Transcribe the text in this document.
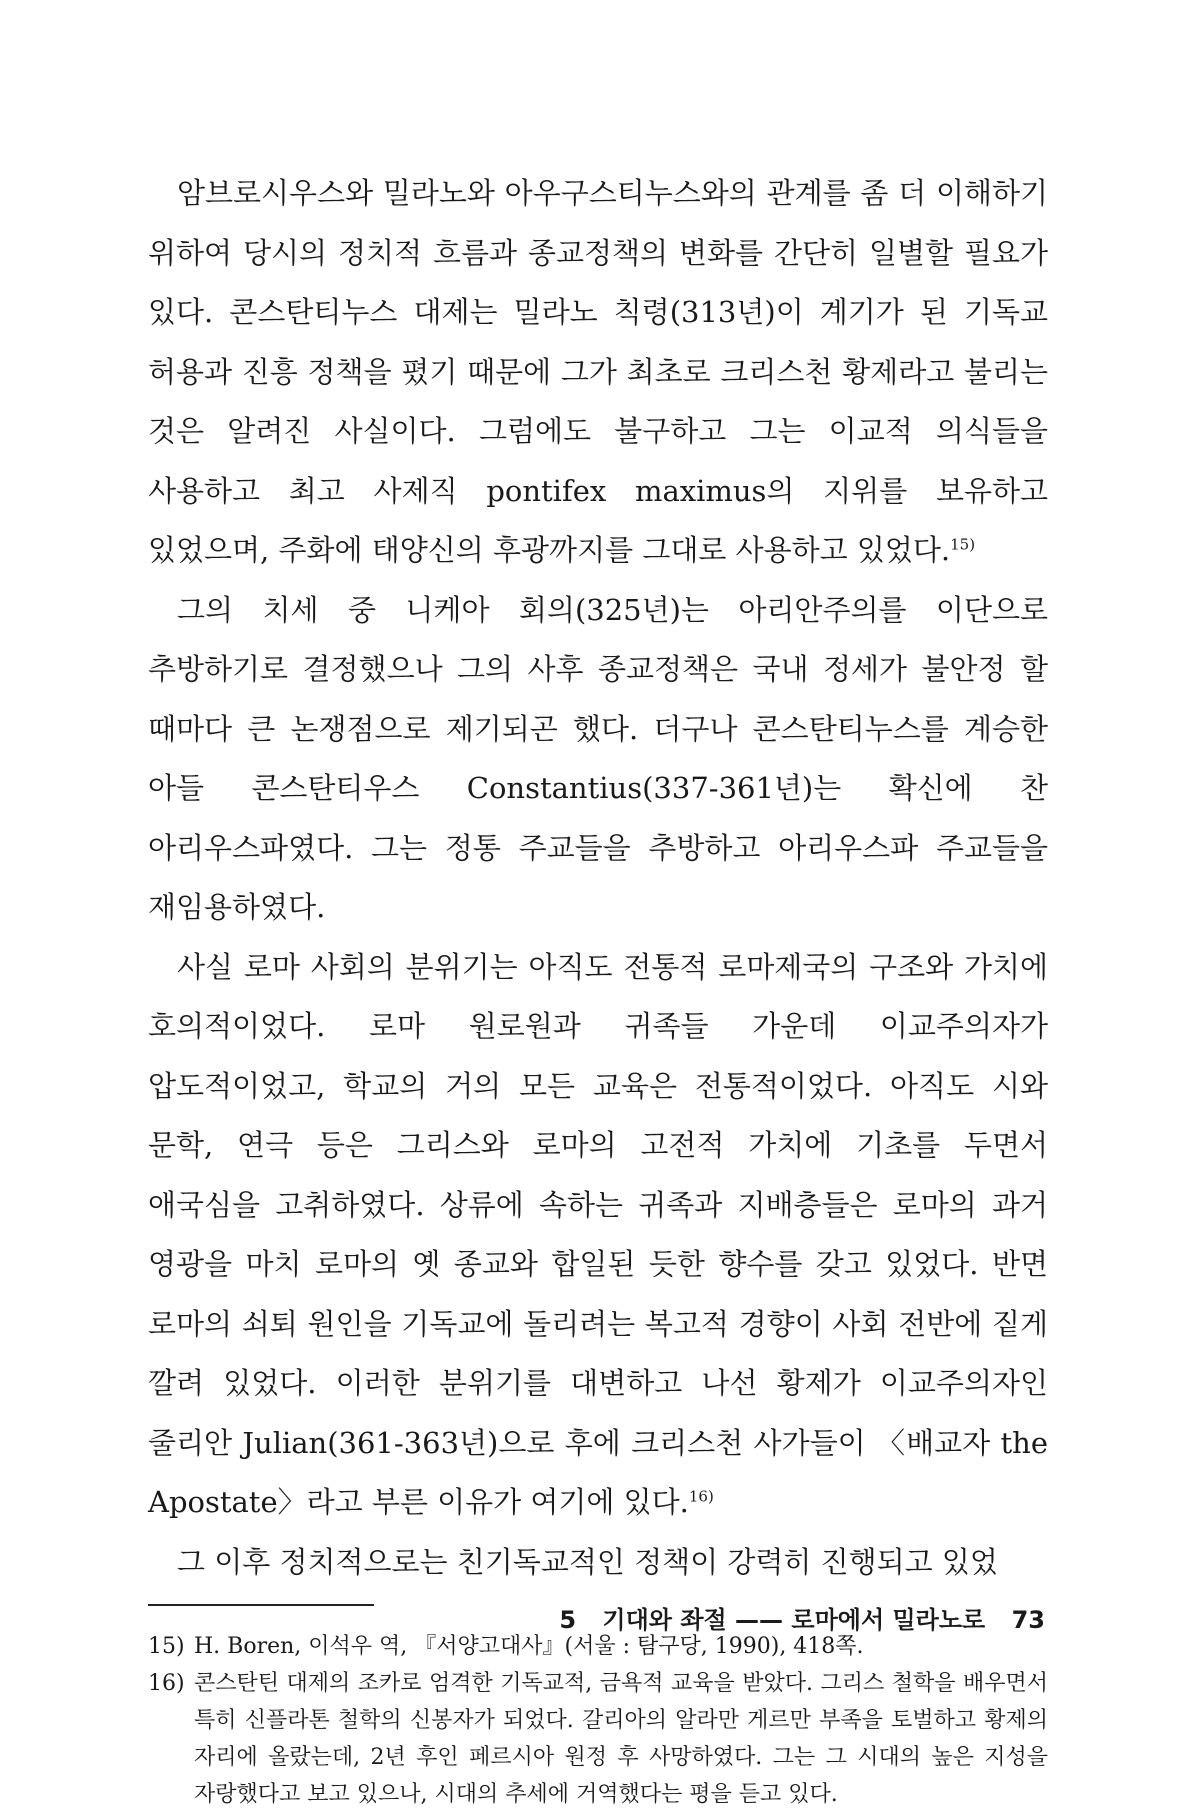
암브로시우스와 밀라노와 아우구스티누스와의 관계를 좀 더 이해하기 위하여 당시의 정치적 흐름과 종교정책의 변화를 간단히 일별할 필요가 있다. 콘스탄티누스 대제는 밀라노 칙령(313년)이 계기가 된 기독교 허용과 진흥 정책을 폈기 때문에 그가 최초로 크리스천 황제라고 불리는 것은 알려진 사실이다. 그럼에도 불구하고 그는 이교적 의식들을 사용하고 최고 사제직 pontifex maximus의 지위를 보유하고 있었으며, 주화에 태양신의 후광까지를 그대로 사용하고 있었다.$^{15)}$

그의 치세 중 니케아 회의(325년)는 아리안주의를 이단으로 추방하기로 결정했으나 그의 사후 종교정책은 국내 정세가 불안정 할 때마다 큰 논쟁점으로 제기되곤 했다. 더구나 콘스탄티누스를 계승한 아들 콘스탄티우스 Constantius(337-361년)는 확신에 찬 아리우스파였다. 그는 정통 주교들을 추방하고 아리우스파 주교들을 재임용하였다.

사실 로마 사회의 분위기는 아직도 전통적 로마제국의 구조와 가치에 호의적이었다. 로마 원로원과 귀족들 가운데 이교주의자가 압도적이었고, 학교의 거의 모든 교육은 전통적이었다. 아직도 시와 문학, 연극 등은 그리스와 로마의 고전적 가치에 기초를 두면서 애국심을 고취하였다. 상류에 속하는 귀족과 지배층들은 로마의 과거 영광을 마치 로마의 옛 종교와 합일된 듯한 향수를 갖고 있었다. 반면 로마의 쇠퇴 원인을 기독교에 돌리려는 복고적 경향이 사회 전반에 짙게 깔려 있었다. 이러한 분위기를 대변하고 나선 황제가 이교주의자인 줄리안 Julian(361-363년)으로 후에 크리스천 사가들이 〈배교자 the Apostate〉라고 부른 이유가 여기에 있다.$^{16)}$

그 이후 정치적으로는 친기독교적인 정책이 강력히 진행되고 있었

15) H. Boren, 이석우 역, 『서양고대사』(서울 : 탐구당, 1990), 418쪽.
16) 콘스탄틴 대제의 조카로 엄격한 기독교적, 금욕적 교육을 받았다. 그리스 철학을 배우면서 특히 신플라톤 철학의 신봉자가 되었다. 갈리아의 알라만 게르만 부족을 토벌하고 황제의 자리에 올랐는데, 2년 후인 페르시아 원정 후 사망하였다. 그는 그 시대의 높은 지성을 자랑했다고 보고 있으나, 시대의 추세에 거역했다는 평을 듣고 있다.
5 기대와 좌절 —— 로마에서 밀라노로 73
